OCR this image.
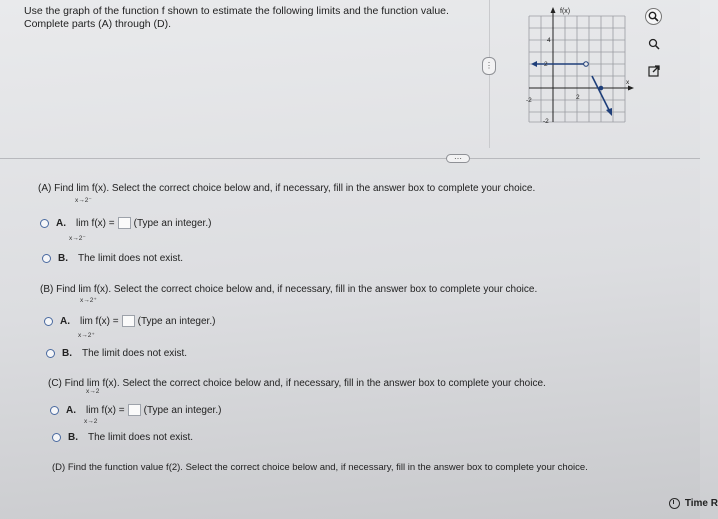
Use the graph of the function f shown to estimate the following limits and the function value.
Complete parts (A) through (D).
f(x)
4
2
-2
-2	2
x
⋮
⋯
(A) Find lim f(x). Select the correct choice below and, if necessary, fill in the answer box to complete your choice.
x→2⁻
A. lim f(x) = (Type an integer.)
x→2⁻
B. The limit does not exist.
(B) Find lim f(x). Select the correct choice below and, if necessary, fill in the answer box to complete your choice.
x→2⁺
A. lim f(x) = (Type an integer.)
x→2⁺
B. The limit does not exist.
(C) Find lim f(x). Select the correct choice below and, if necessary, fill in the answer box to complete your choice.
x→2
A. lim f(x) = (Type an integer.)
x→2
B. The limit does not exist.
(D) Find the function value f(2). Select the correct choice below and, if necessary, fill in the answer box to complete your choice.
Time R
